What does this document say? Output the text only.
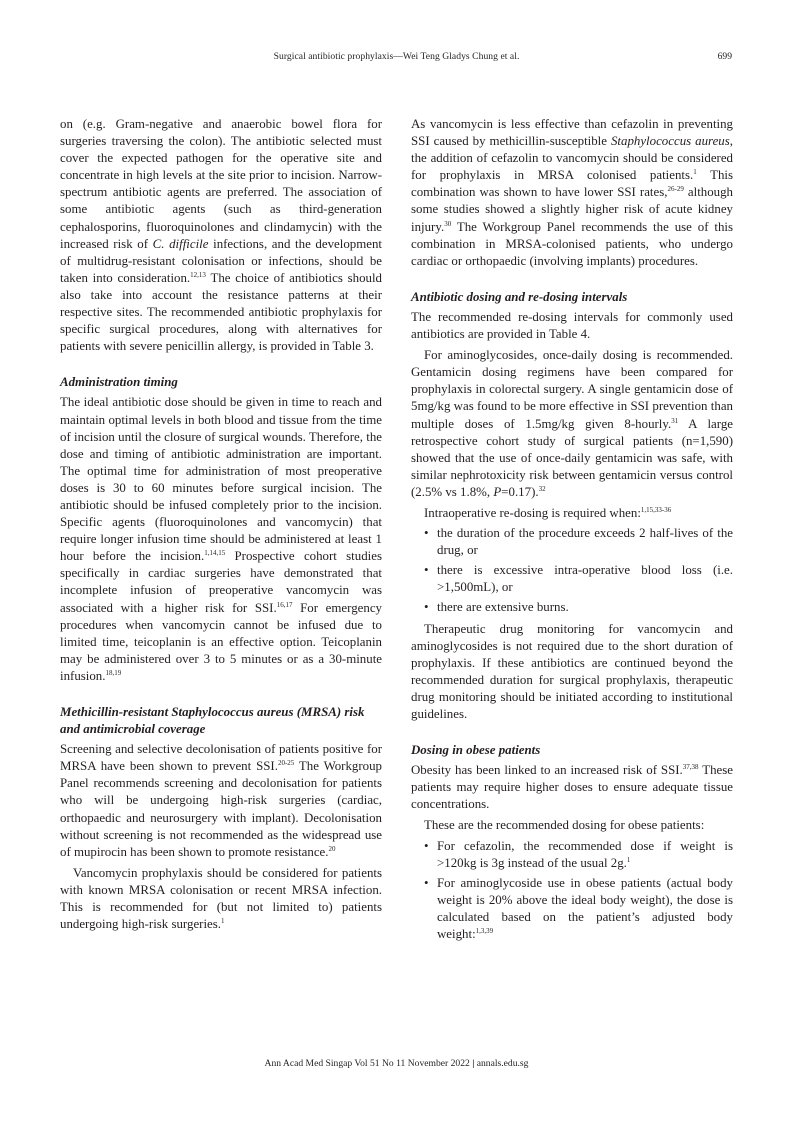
Surgical antibiotic prophylaxis—Wei Teng Gladys Chung et al.	699

on (e.g. Gram-negative and anaerobic bowel flora for surgeries traversing the colon). The antibiotic selected must cover the expected pathogen for the operative site and concentrate in high levels at the site prior to incision. Narrow-spectrum antibiotic agents are preferred. The association of some antibiotic agents (such as third-generation cephalosporins, fluoroquinolones and clindamycin) with the increased risk of C. difficile infections, and the development of multidrug-resistant colonisation or infections, should be taken into consideration.$^{12,13}$ The choice of antibiotics should also take into account the resistance patterns at their respective sites. The recommended antibiotic prophylaxis for specific surgical procedures, along with alternatives for patients with severe penicillin allergy, is provided in Table 3.

Administration timing

The ideal antibiotic dose should be given in time to reach and maintain optimal levels in both blood and tissue from the time of incision until the closure of surgical wounds. Therefore, the dose and timing of antibiotic administration are important. The optimal time for administration of most preoperative doses is 30 to 60 minutes before surgical incision. The antibiotic should be infused completely prior to the incision. Specific agents (fluoroquinolones and vancomycin) that require longer infusion time should be administered at least 1 hour before the incision.$^{1,14,15}$ Prospective cohort studies specifically in cardiac surgeries have demonstrated that incomplete infusion of preoperative vancomycin was associated with a higher risk for SSI.$^{16,17}$ For emergency procedures when vancomycin cannot be infused due to limited time, teicoplanin is an effective option. Teicoplanin may be administered over 3 to 5 minutes or as a 30-minute infusion.$^{18,19}$

Methicillin-resistant Staphylococcus aureus (MRSA) risk and antimicrobial coverage

Screening and selective decolonisation of patients positive for MRSA have been shown to prevent SSI.$^{20-25}$ The Workgroup Panel recommends screening and decolonisation for patients who will be undergoing high-risk surgeries (cardiac, orthopaedic and neurosurgery with implant). Decolonisation without screening is not recommended as the widespread use of mupirocin has been shown to promote resistance.$^{20}$

Vancomycin prophylaxis should be considered for patients with known MRSA colonisation or recent MRSA infection. This is recommended for (but not limited to) patients undergoing high-risk surgeries.$^1$

As vancomycin is less effective than cefazolin in preventing SSI caused by methicillin-susceptible Staphylococcus aureus, the addition of cefazolin to vancomycin should be considered for prophylaxis in MRSA colonised patients.$^1$ This combination was shown to have lower SSI rates,$^{26-29}$ although some studies showed a slightly higher risk of acute kidney injury.$^{30}$ The Workgroup Panel recommends the use of this combination in MRSA-colonised patients, who undergo cardiac or orthopaedic (involving implants) procedures.

Antibiotic dosing and re-dosing intervals

The recommended re-dosing intervals for commonly used antibiotics are provided in Table 4.

For aminoglycosides, once-daily dosing is recommended. Gentamicin dosing regimens have been compared for prophylaxis in colorectal surgery. A single gentamicin dose of 5mg/kg was found to be more effective in SSI prevention than multiple doses of 1.5mg/kg given 8-hourly.$^{31}$ A large retrospective cohort study of surgical patients (n=1,590) showed that the use of once-daily gentamicin was safe, with similar nephrotoxicity risk between gentamicin versus control (2.5% vs 1.8%, P=0.17).$^{32}$

Intraoperative re-dosing is required when:$^{1,15,33-36}$

• the duration of the procedure exceeds 2 half-lives of the drug, or
• there is excessive intra-operative blood loss (i.e. >1,500mL), or
• there are extensive burns.

Therapeutic drug monitoring for vancomycin and aminoglycosides is not required due to the short duration of prophylaxis. If these antibiotics are continued beyond the recommended duration for surgical prophylaxis, therapeutic drug monitoring should be initiated according to institutional guidelines.

Dosing in obese patients

Obesity has been linked to an increased risk of SSI.$^{37,38}$ These patients may require higher doses to ensure adequate tissue concentrations.

These are the recommended dosing for obese patients:

• For cefazolin, the recommended dose if weight is >120kg is 3g instead of the usual 2g.$^1$
• For aminoglycoside use in obese patients (actual body weight is 20% above the ideal body weight), the dose is calculated based on the patient’s adjusted body weight:$^{1,3,39}$
Ann Acad Med Singap Vol 51 No 11 November 2022 | annals.edu.sg
